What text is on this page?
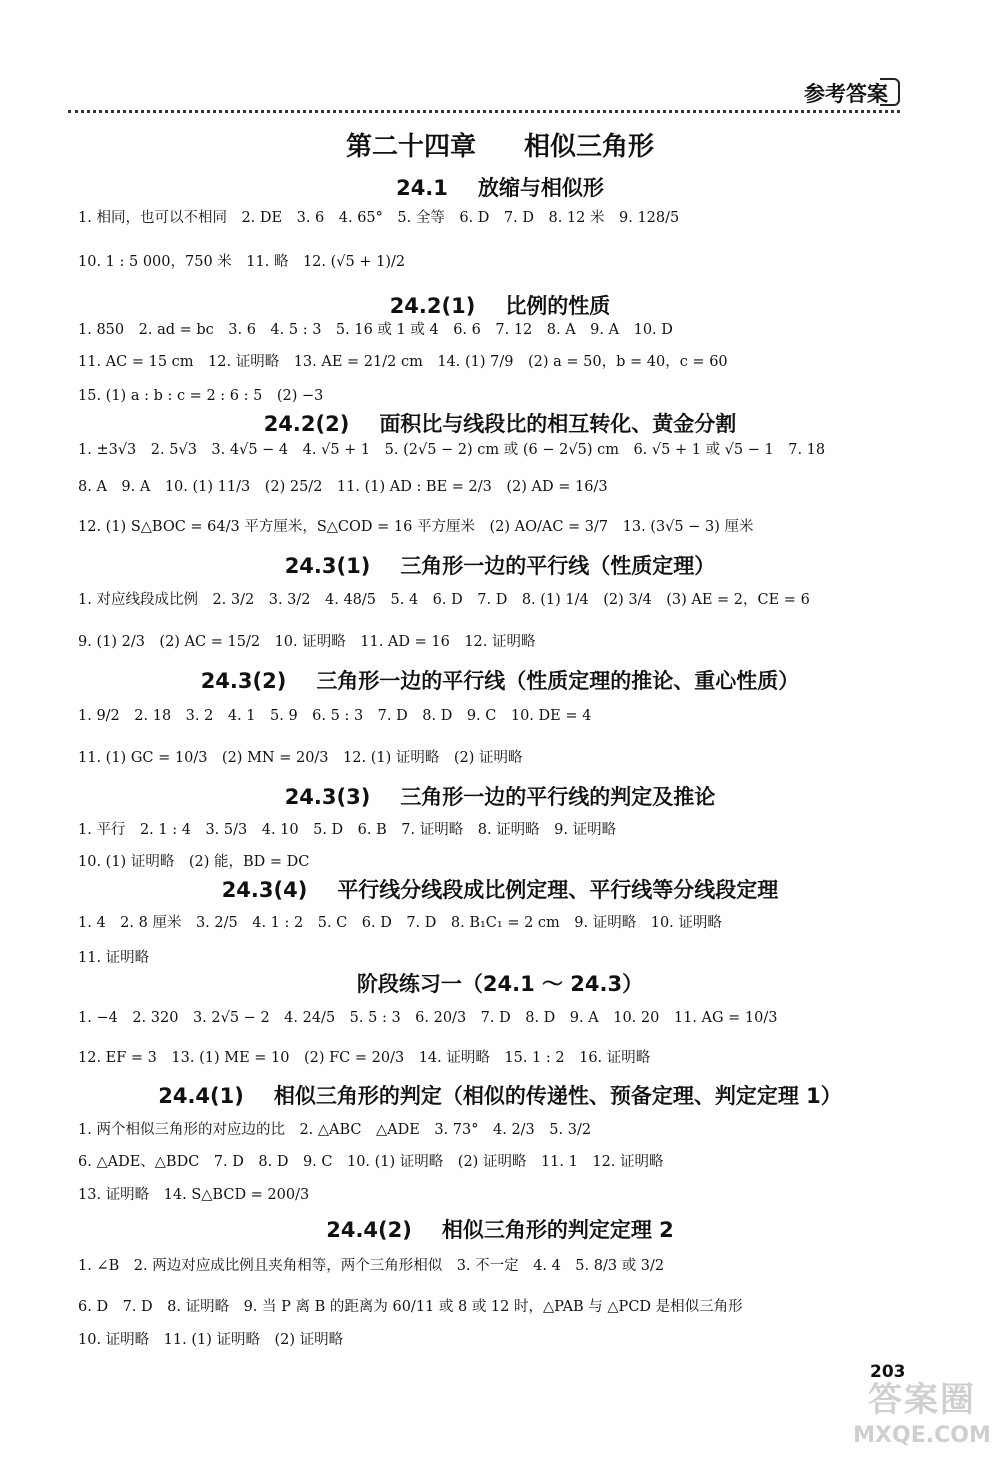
参考答案
第二十四章 相似三角形
24.1 放缩与相似形
1. 相同，也可以不相同　2. DE　3. 6　4. 65°　5. 全等　6. D　7. D　8. 12 米　9. 128/5
10. 1 : 5 000，750 米　11. 略　12. (√5 + 1)/2
24.2(1) 比例的性质
1. 850　2. ad = bc　3. 6　4. 5 : 3　5. 16 或 1 或 4　6. 6　7. 12　8. A　9. A　10. D
11. AC = 15 cm　12. 证明略　13. AE = 21/2 cm　14. (1) 7/9　(2) a = 50，b = 40，c = 60
15. (1) a : b : c = 2 : 6 : 5　(2) −3
24.2(2) 面积比与线段比的相互转化、黄金分割
1. ±3√3　2. 5√3　3. 4√5 − 4　4. √5 + 1　5. (2√5 − 2) cm 或 (6 − 2√5) cm　6. √5 + 1 或 √5 − 1　7. 18
8. A　9. A　10. (1) 11/3　(2) 25/2　11. (1) AD : BE = 2/3　(2) AD = 16/3
12. (1) S△BOC = 64/3 平方厘米，S△COD = 16 平方厘米　(2) AO/AC = 3/7　13. (3√5 − 3) 厘米
24.3(1) 三角形一边的平行线（性质定理）
1. 对应线段成比例　2. 3/2　3. 3/2　4. 48/5　5. 4　6. D　7. D　8. (1) 1/4　(2) 3/4　(3) AE = 2，CE = 6
9. (1) 2/3　(2) AC = 15/2　10. 证明略　11. AD = 16　12. 证明略
24.3(2) 三角形一边的平行线（性质定理的推论、重心性质）
1. 9/2　2. 18　3. 2　4. 1　5. 9　6. 5 : 3　7. D　8. D　9. C　10. DE = 4
11. (1) GC = 10/3　(2) MN = 20/3　12. (1) 证明略　(2) 证明略
24.3(3) 三角形一边的平行线的判定及推论
1. 平行　2. 1 : 4　3. 5/3　4. 10　5. D　6. B　7. 证明略　8. 证明略　9. 证明略
10. (1) 证明略　(2) 能，BD = DC
24.3(4) 平行线分线段成比例定理、平行线等分线段定理
1. 4　2. 8 厘米　3. 2/5　4. 1 : 2　5. C　6. D　7. D　8. B₁C₁ = 2 cm　9. 证明略　10. 证明略
11. 证明略
阶段练习一（24.1 ～ 24.3）
1. −4　2. 320　3. 2√5 − 2　4. 24/5　5. 5 : 3　6. 20/3　7. D　8. D　9. A　10. 20　11. AG = 10/3
12. EF = 3　13. (1) ME = 10　(2) FC = 20/3　14. 证明略　15. 1 : 2　16. 证明略
24.4(1) 相似三角形的判定（相似的传递性、预备定理、判定定理 1）
1. 两个相似三角形的对应边的比　2. △ABC　△ADE　3. 73°　4. 2/3　5. 3/2
6. △ADE、△BDC　7. D　8. D　9. C　10. (1) 证明略　(2) 证明略　11. 1　12. 证明略
13. 证明略　14. S△BCD = 200/3
24.4(2) 相似三角形的判定定理 2
1. ∠B　2. 两边对应成比例且夹角相等，两个三角形相似　3. 不一定　4. 4　5. 8/3 或 3/2
6. D　7. D　8. 证明略　9. 当 P 离 B 的距离为 60/11 或 8 或 12 时，△PAB 与 △PCD 是相似三角形
10. 证明略　11. (1) 证明略　(2) 证明略
203
答案圈
MXQE.COM
